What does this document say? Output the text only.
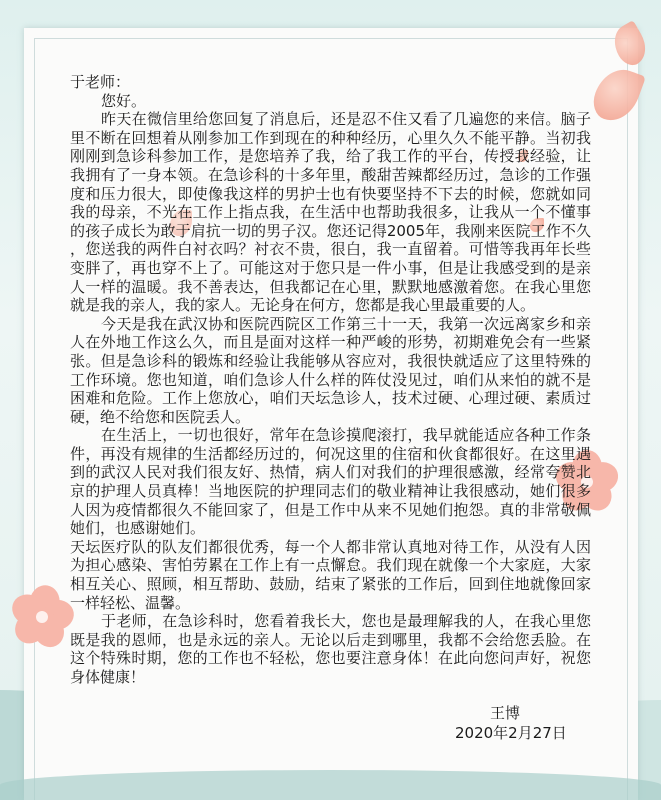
于老师：
您好。
昨天在微信里给您回复了消息后，还是忍不住又看了几遍您的来信。脑子
里不断在回想着从刚参加工作到现在的种种经历，心里久久不能平静。当初我
刚刚到急诊科参加工作，是您培养了我，给了我工作的平台，传授我经验，让
我拥有了一身本领。在急诊科的十多年里，酸甜苦辣都经历过，急诊的工作强
度和压力很大，即使像我这样的男护士也有快要坚持不下去的时候，您就如同
我的母亲，不光在工作上指点我，在生活中也帮助我很多，让我从一个不懂事
的孩子成长为敢于肩抗一切的男子汉。您还记得2005年，我刚来医院工作不久
，您送我的两件白衬衣吗？衬衣不贵，很白，我一直留着。可惜等我再年长些
变胖了，再也穿不上了。可能这对于您只是一件小事，但是让我感受到的是亲
人一样的温暖。我不善表达，但我都记在心里，默默地感激着您。在我心里您
就是我的亲人，我的家人。无论身在何方，您都是我心里最重要的人。
今天是我在武汉协和医院西院区工作第三十一天，我第一次远离家乡和亲
人在外地工作这么久，而且是面对这样一种严峻的形势，初期难免会有一些紧
张。但是急诊科的锻炼和经验让我能够从容应对，我很快就适应了这里特殊的
工作环境。您也知道，咱们急诊人什么样的阵仗没见过，咱们从来怕的就不是
困难和危险。工作上您放心，咱们天坛急诊人，技术过硬、心理过硬、素质过
硬，绝不给您和医院丢人。
在生活上，一切也很好，常年在急诊摸爬滚打，我早就能适应各种工作条
件，再没有规律的生活都经历过的，何况这里的住宿和伙食都很好。在这里遇
到的武汉人民对我们很友好、热情，病人们对我们的护理很感激，经常夸赞北
京的护理人员真棒！当地医院的护理同志们的敬业精神让我很感动，她们很多
人因为疫情都很久不能回家了，但是工作中从来不见她们抱怨。真的非常敬佩
她们，也感谢她们。
天坛医疗队的队友们都很优秀，每一个人都非常认真地对待工作，从没有人因
为担心感染、害怕劳累在工作上有一点懈怠。我们现在就像一个大家庭，大家
相互关心、照顾，相互帮助、鼓励，结束了紧张的工作后，回到住地就像回家
一样轻松、温馨。
于老师，在急诊科时，您看着我长大，您也是最理解我的人，在我心里您
既是我的恩师，也是永远的亲人。无论以后走到哪里，我都不会给您丢脸。在
这个特殊时期，您的工作也不轻松，您也要注意身体！在此向您问声好，祝您
身体健康！
王博
2020年2月27日
